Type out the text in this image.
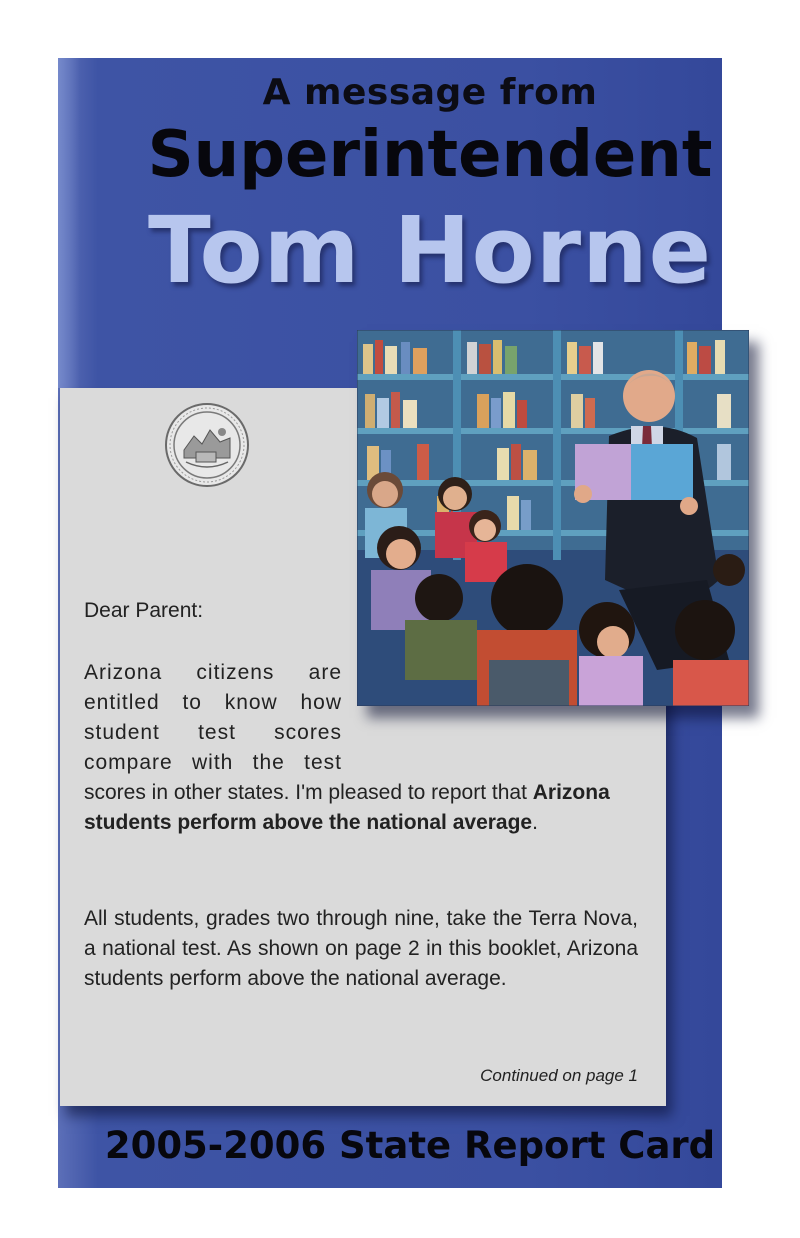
A message from
Superintendent
Tom Horne
Dear Parent:
Arizona citizens are entitled to know how student test scores compare with the test
scores in other states. I'm pleased to report that Arizona students perform above the national average.
All students, grades two through nine, take the Terra Nova, a national test. As shown on page 2 in this booklet, Arizona students perform above the national average.
Continued on page 1
2005-2006 State Report Card
